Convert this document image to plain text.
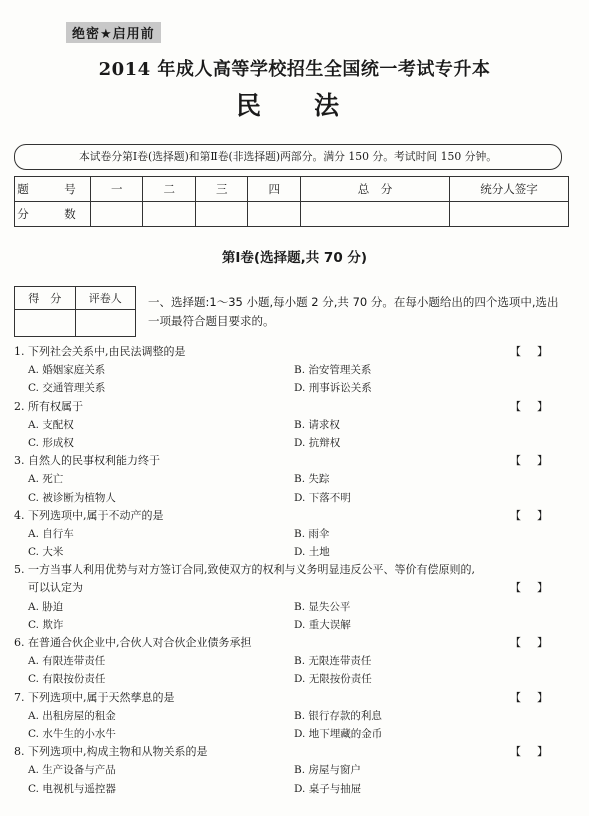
绝密★启用前
2014 年成人高等学校招生全国统一考试专升本
民　法
本试卷分第Ⅰ卷(选择题)和第Ⅱ卷(非选择题)两部分。满分 150 分。考试时间 150 分钟。
题　号	一	二	三	四	总　分	统分人签字
分　数						
第Ⅰ卷(选择题,共 70 分)
得　分	评卷人
	一、选择题:1～35 小题,每小题 2 分,共 70 分。在每小题给出的四个选项中,选出一项最符合题目要求的。
1. 下列社会关系中,由民法调整的是	【】
A. 婚姻家庭关系	B. 治安管理关系
C. 交通管理关系	D. 刑事诉讼关系
2. 所有权属于	【】
A. 支配权	B. 请求权
C. 形成权	D. 抗辩权
3. 自然人的民事权利能力终于	【】
A. 死亡	B. 失踪
C. 被诊断为植物人	D. 下落不明
4. 下列选项中,属于不动产的是	【】
A. 自行车	B. 雨伞
C. 大米	D. 土地
5. 一方当事人利用优势与对方签订合同,致使双方的权利与义务明显违反公平、等价有偿原则的,
可以认定为	【】
A. 胁迫	B. 显失公平
C. 欺诈	D. 重大误解
6. 在普通合伙企业中,合伙人对合伙企业债务承担	【】
A. 有限连带责任	B. 无限连带责任
C. 有限按份责任	D. 无限按份责任
7. 下列选项中,属于天然孳息的是	【】
A. 出租房屋的租金	B. 银行存款的利息
C. 水牛生的小水牛	D. 地下埋藏的金币
8. 下列选项中,构成主物和从物关系的是	【】
A. 生产设备与产品	B. 房屋与窗户
C. 电视机与遥控器	D. 桌子与抽屉
